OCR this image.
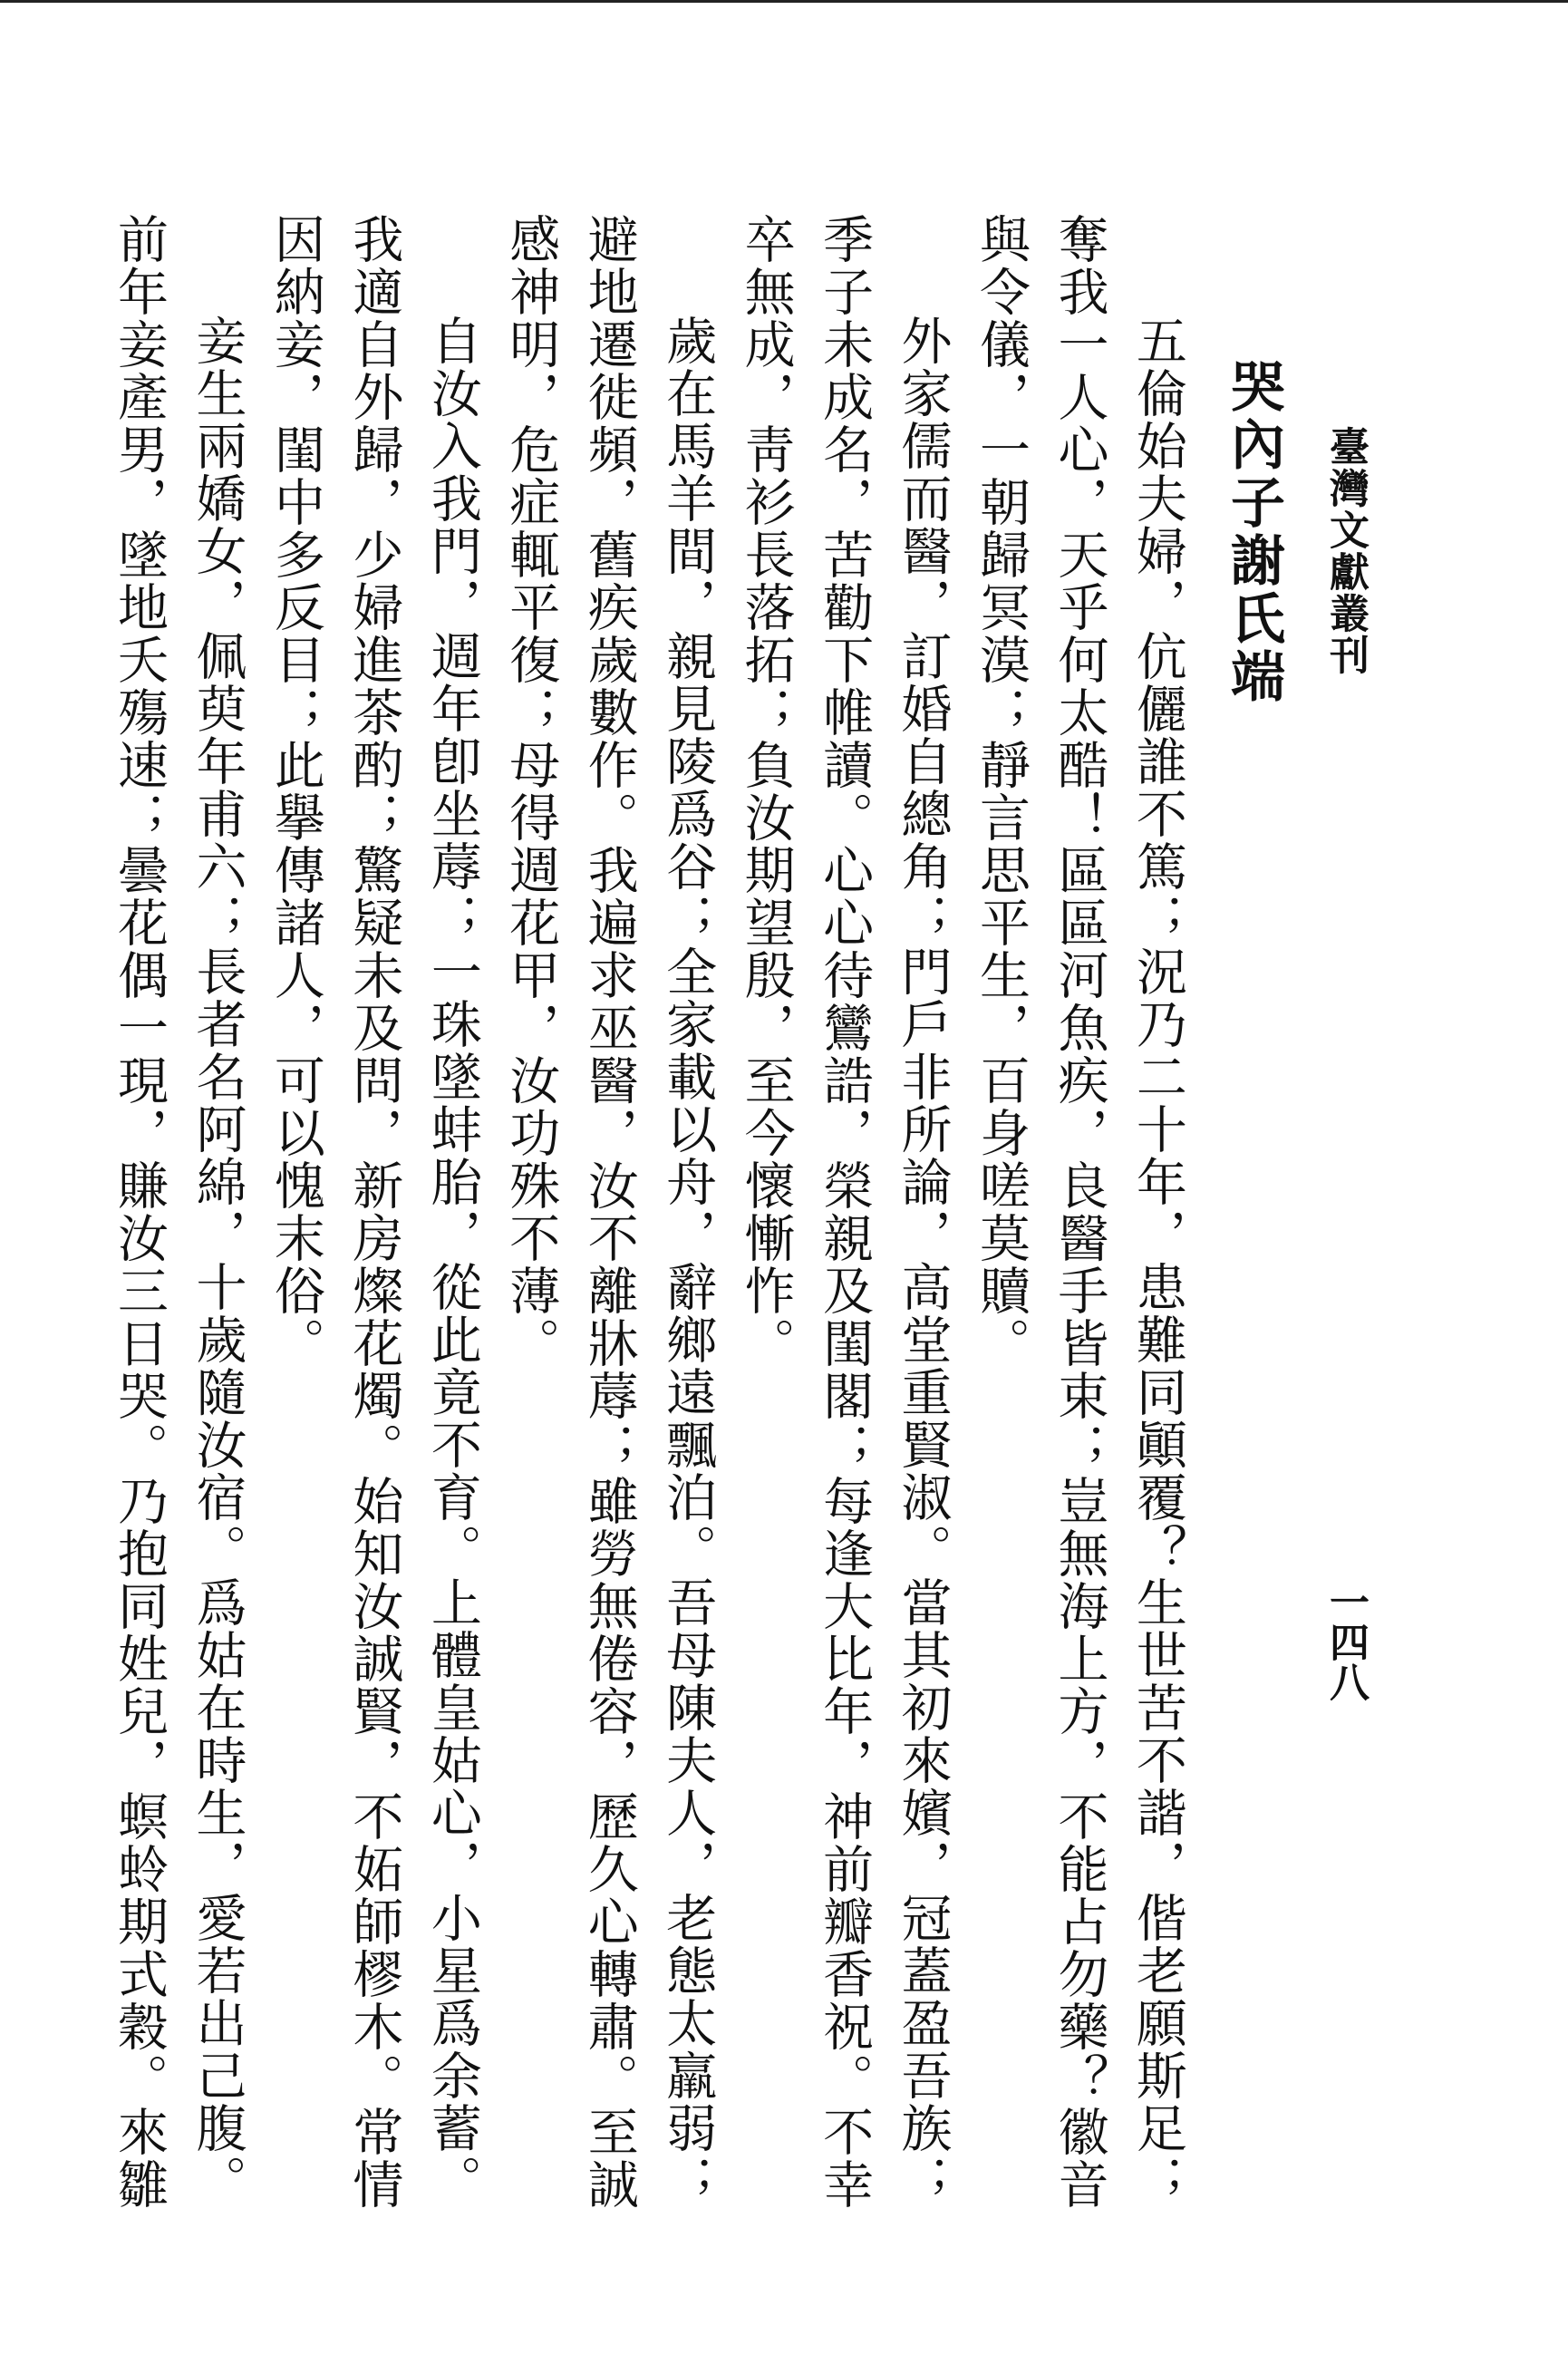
臺灣文獻叢刊
一四八
哭內子謝氏端
五倫始夫婦，伉儷誰不篤；況乃二十年，患難同顚覆？生世苦不諧，偕老願斯足；
奪我一人心，天乎何太酷！區區河魚疾，良醫手皆束；豈無海上方，不能占勿藥？徽音
與令儀，一朝歸冥漠；靜言思平生，百身嗟莫贖。
外家儒而醫，訂婚自總角；門戶非所論，高堂重賢淑。當其初來嬪，冠蓋盈吾族；
季子未成名，苦勸下帷讀。心心待鸞誥，榮親及閨閣；每逢大比年，神前瓣香祝。不幸
卒無成，靑衫長落拓；負汝期望殷，至今懷慚怍。
歲在馬羊間，親見陵爲谷；全家載以舟，辭鄉遠飄泊。吾母陳夫人，老態太羸弱；
避地遷徙頻，舊疾歲數作。我遍求巫醫，汝不離牀蓐；雖勞無倦容，歷久心轉肅。至誠
感神明，危症輒平復；母得週花甲，汝功殊不薄。
自汝入我門，週年卽坐蓐；一珠墜蚌胎，從此竟不育。上體皇姑心，小星爲余蓄。
我適自外歸，少婦進茶酌；驚疑未及問，新房燦花燭。始知汝誠賢，不妬師樛木。常情
因納妾，閨中多反目；此擧傳諸人，可以愧末俗。
妾生兩嬌女，佩萸年甫六；長者名阿綿，十歲隨汝宿。爲姑在時生，愛若出己腹。
前年妾產男，墜地夭殤速；曇花偶一現，賺汝三日哭。乃抱同姓兒，螟蛉期式穀。來雛
